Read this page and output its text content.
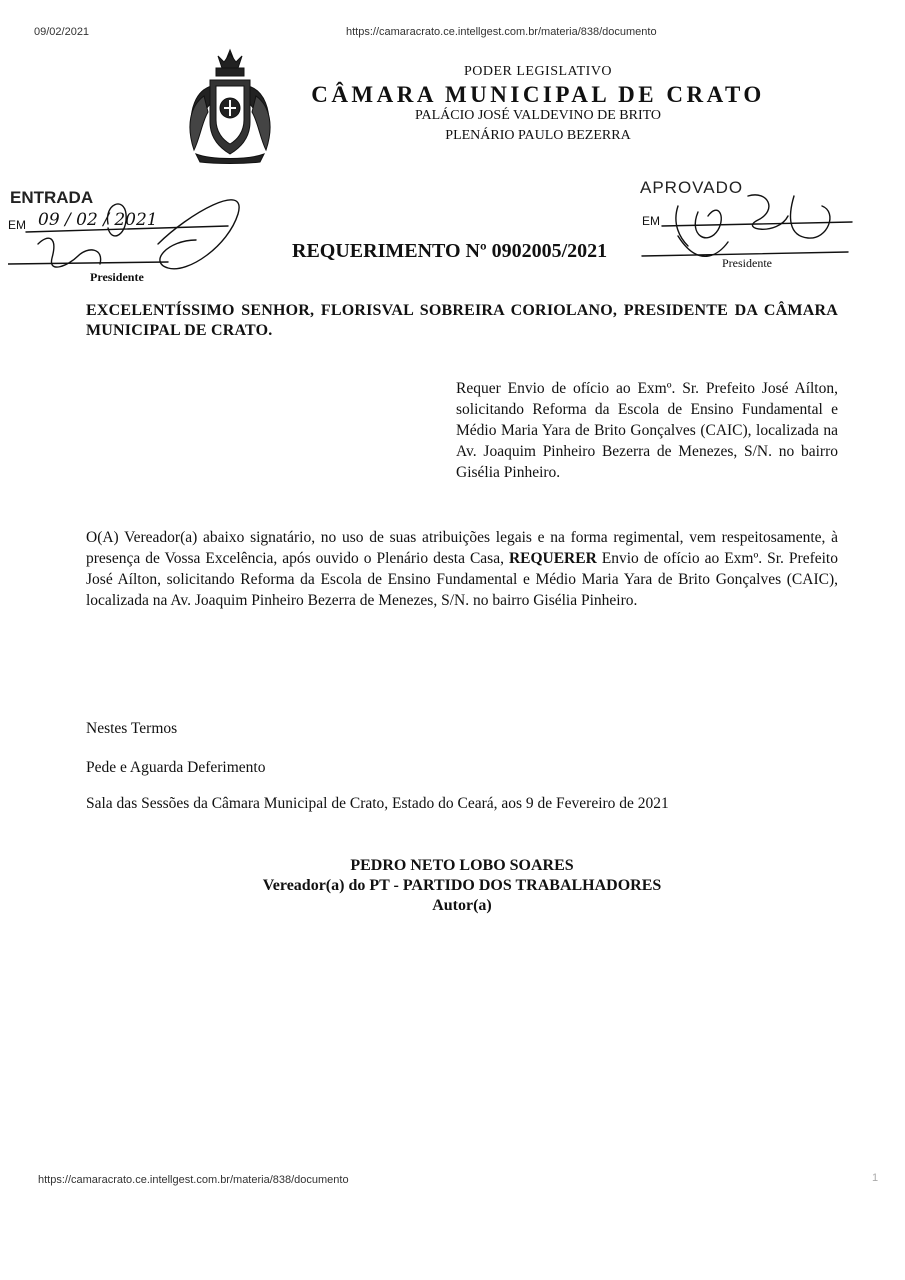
09/02/2021	https://camaracrato.ce.intellgest.com.br/materia/838/documento
PODER LEGISLATIVO
CÂMARA MUNICIPAL DE CRATO
PALÁCIO JOSÉ VALDEVINO DE BRITO
PLENÁRIO PAULO BEZERRA
ENTRADA
EM 09 / 02 / 2021
Presidente
APROVADO
EM
Presidente
REQUERIMENTO Nº 0902005/2021
EXCELENTÍSSIMO SENHOR, FLORISVAL SOBREIRA CORIOLANO, PRESIDENTE DA CÂMARA MUNICIPAL DE CRATO.
Requer Envio de ofício ao Exmº. Sr. Prefeito José Aílton, solicitando Reforma da Escola de Ensino Fundamental e Médio Maria Yara de Brito Gonçalves (CAIC), localizada na Av. Joaquim Pinheiro Bezerra de Menezes, S/N. no bairro Gisélia Pinheiro.
O(A) Vereador(a) abaixo signatário, no uso de suas atribuições legais e na forma regimental, vem respeitosamente, à presença de Vossa Excelência, após ouvido o Plenário desta Casa, REQUERER Envio de ofício ao Exmº. Sr. Prefeito José Aílton, solicitando Reforma da Escola de Ensino Fundamental e Médio Maria Yara de Brito Gonçalves (CAIC), localizada na Av. Joaquim Pinheiro Bezerra de Menezes, S/N. no bairro Gisélia Pinheiro.
Nestes Termos
Pede e Aguarda Deferimento
Sala das Sessões da Câmara Municipal de Crato, Estado do Ceará, aos 9 de Fevereiro de 2021
PEDRO NETO LOBO SOARES
Vereador(a) do PT - PARTIDO DOS TRABALHADORES
Autor(a)
https://camaracrato.ce.intellgest.com.br/materia/838/documento	1
